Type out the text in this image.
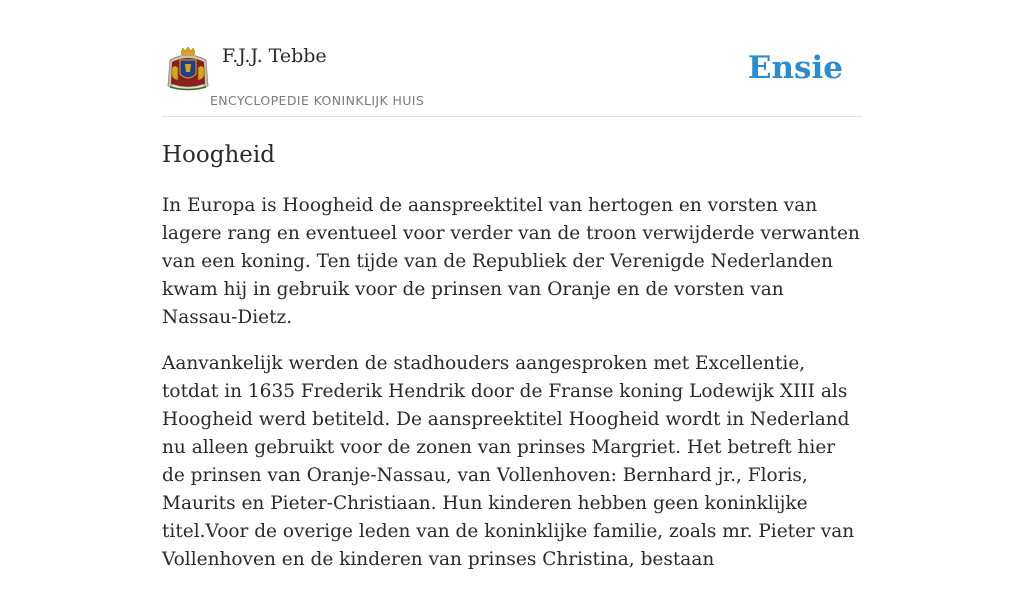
F.J.J. Tebbe
ENCYCLOPEDIE KONINKLIJK HUIS
Ensie
Hoogheid

In Europa is Hoogheid de aanspreektitel van hertogen en vorsten van lagere rang en eventueel voor verder van de troon verwijderde verwanten van een koning. Ten tijde van de Republiek der Verenigde Nederlanden kwam hij in gebruik voor de prinsen van Oranje en de vorsten van Nassau-Dietz.

Aanvankelijk werden de stadhouders aangesproken met Excellentie, totdat in 1635 Frederik Hendrik door de Franse koning Lodewijk XIII als Hoogheid werd betiteld. De aanspreektitel Hoogheid wordt in Nederland nu alleen gebruikt voor de zonen van prinses Margriet. Het betreft hier de prinsen van Oranje-Nassau, van Vollenhoven: Bernhard jr., Floris, Maurits en Pieter-Christiaan. Hun kinderen hebben geen koninklijke titel.Voor de overige leden van de koninklijke familie, zoals mr. Pieter van Vollenhoven en de kinderen van prinses Christina, bestaan
